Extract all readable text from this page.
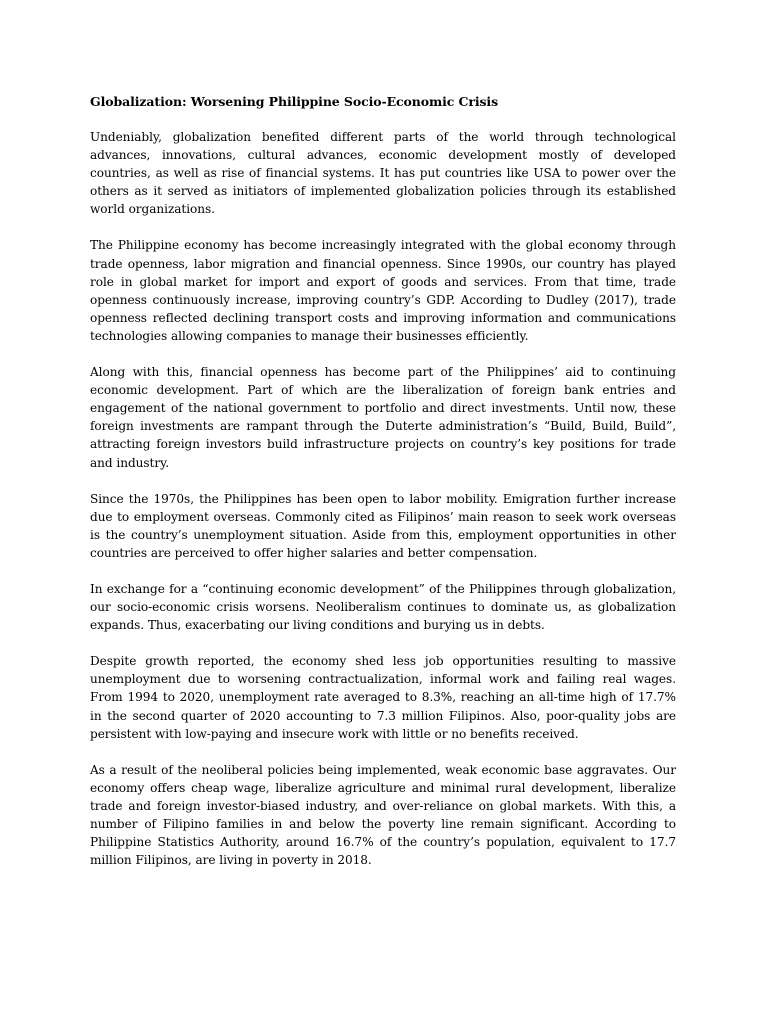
Globalization: Worsening Philippine Socio-Economic Crisis

Undeniably, globalization benefited different parts of the world through technological advances, innovations, cultural advances, economic development mostly of developed countries, as well as rise of financial systems. It has put countries like USA to power over the others as it served as initiators of implemented globalization policies through its established world organizations.

The Philippine economy has become increasingly integrated with the global economy through trade openness, labor migration and financial openness. Since 1990s, our country has played role in global market for import and export of goods and services. From that time, trade openness continuously increase, improving country’s GDP. According to Dudley (2017), trade openness reflected declining transport costs and improving information and communications technologies allowing companies to manage their businesses efficiently.

Along with this, financial openness has become part of the Philippines’ aid to continuing economic development. Part of which are the liberalization of foreign bank entries and engagement of the national government to portfolio and direct investments. Until now, these foreign investments are rampant through the Duterte administration’s “Build, Build, Build”, attracting foreign investors build infrastructure projects on country’s key positions for trade and industry.

Since the 1970s, the Philippines has been open to labor mobility. Emigration further increase due to employment overseas. Commonly cited as Filipinos’ main reason to seek work overseas is the country’s unemployment situation. Aside from this, employment opportunities in other countries are perceived to offer higher salaries and better compensation.

In exchange for a “continuing economic development” of the Philippines through globalization, our socio-economic crisis worsens. Neoliberalism continues to dominate us, as globalization expands. Thus, exacerbating our living conditions and burying us in debts.

Despite growth reported, the economy shed less job opportunities resulting to massive unemployment due to worsening contractualization, informal work and failing real wages. From 1994 to 2020, unemployment rate averaged to 8.3%, reaching an all-time high of 17.7% in the second quarter of 2020 accounting to 7.3 million Filipinos. Also, poor-quality jobs are persistent with low-paying and insecure work with little or no benefits received.

As a result of the neoliberal policies being implemented, weak economic base aggravates. Our economy offers cheap wage, liberalize agriculture and minimal rural development, liberalize trade and foreign investor-biased industry, and over-reliance on global markets. With this, a number of Filipino families in and below the poverty line remain significant. According to Philippine Statistics Authority, around 16.7% of the country’s population, equivalent to 17.7 million Filipinos, are living in poverty in 2018.
